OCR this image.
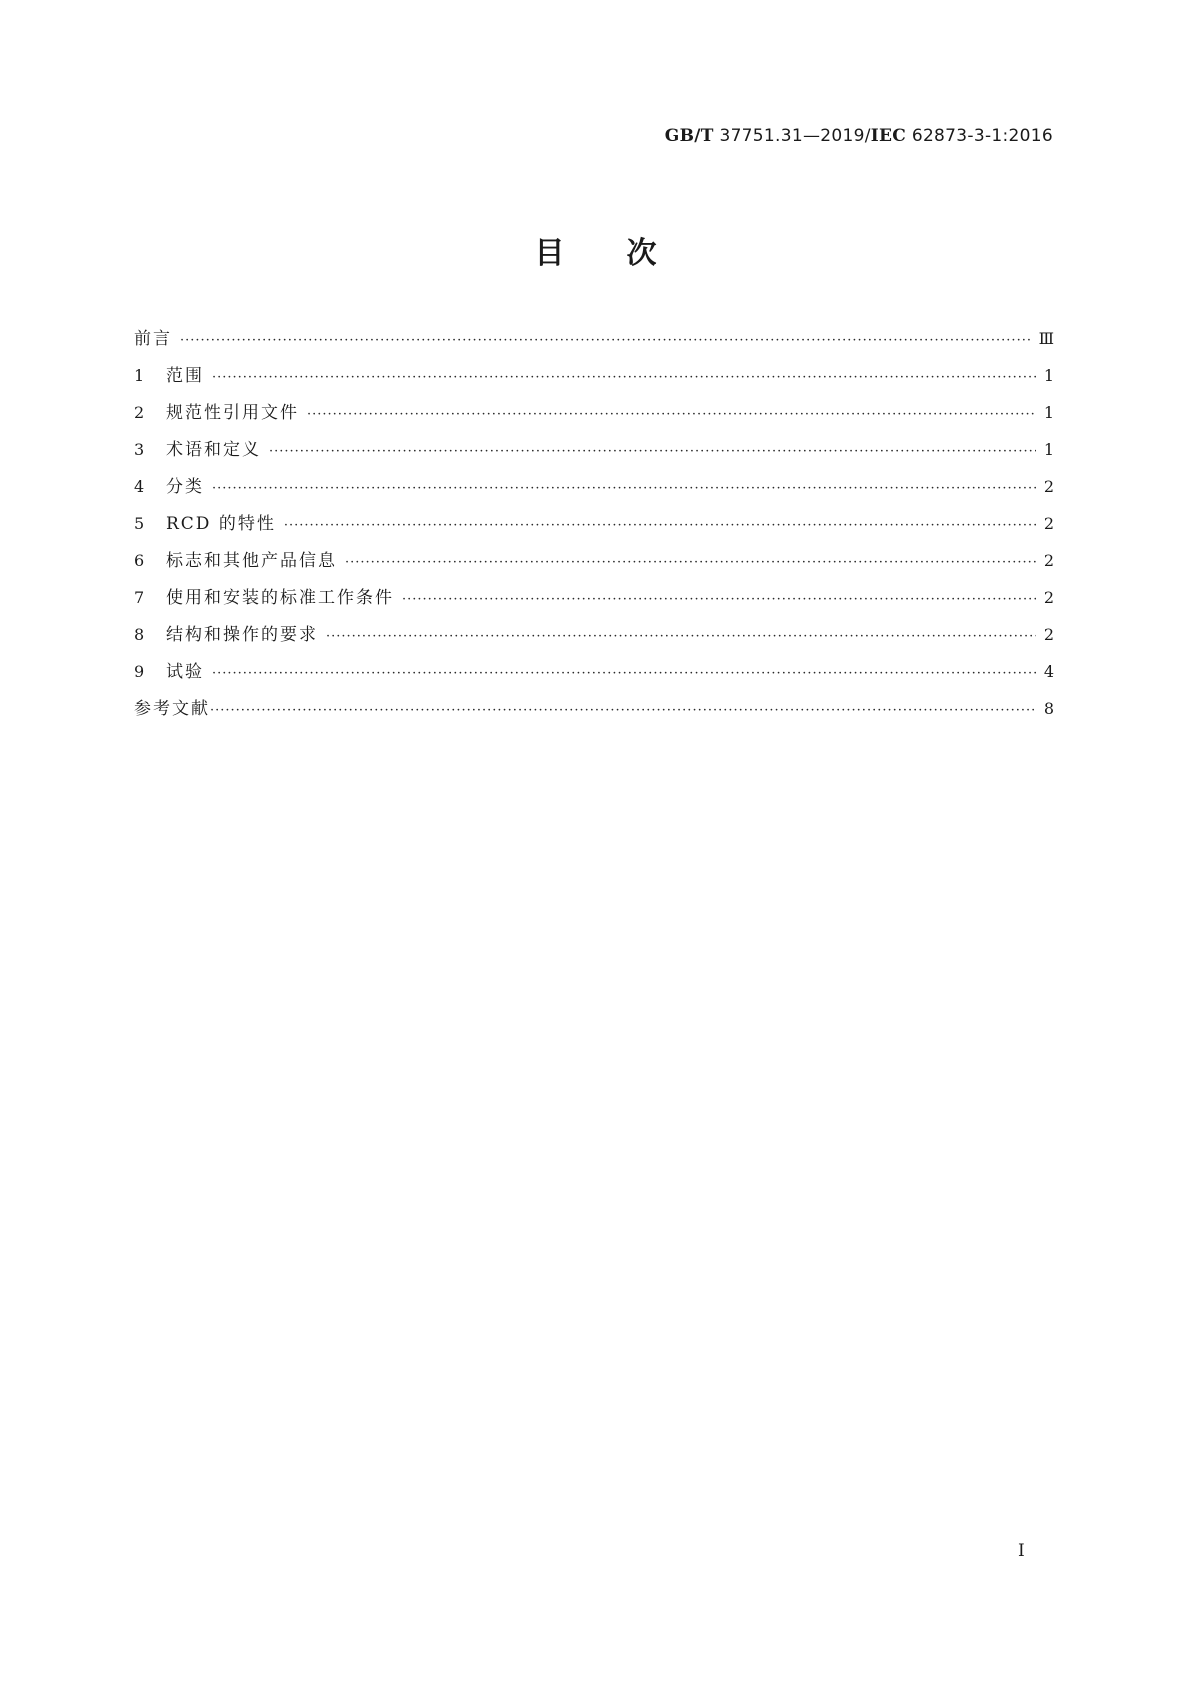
GB/T 37751.31—2019/IEC 62873-3-1:2016
目次
前言 ·····	Ⅲ
1	范围 ·····	1
2	规范性引用文件 ·····	1
3	术语和定义 ·····	1
4	分类 ·····	2
5	RCD 的特性 ·····	2
6	标志和其他产品信息 ·····	2
7	使用和安装的标准工作条件 ·····	2
8	结构和操作的要求 ·····	2
9	试验 ·····	4
参考文献 ·····	8
I
